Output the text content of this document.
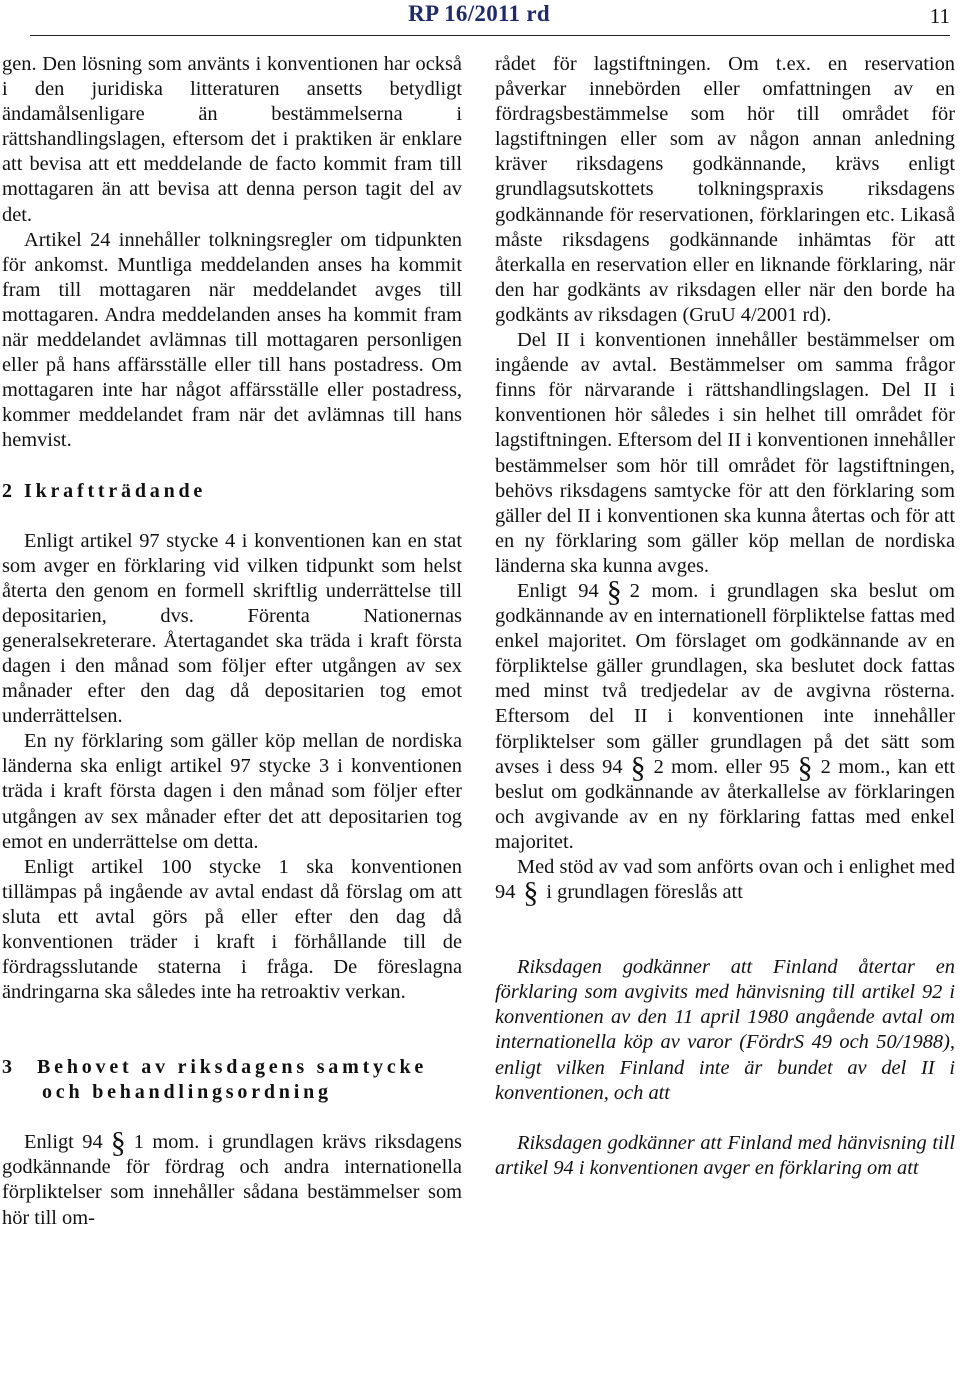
RP 16/2011 rd	11

gen. Den lösning som använts i konventionen har också i den juridiska litteraturen ansetts betydligt ändamålsenligare än bestämmelserna i rättshandlingslagen, eftersom det i praktiken är enklare att bevisa att ett meddelande de facto kommit fram till mottagaren än att bevisa att denna person tagit del av det.

Artikel 24 innehåller tolkningsregler om tidpunkten för ankomst. Muntliga meddelanden anses ha kommit fram till mottagaren när meddelandet avges till mottagaren. Andra meddelanden anses ha kommit fram när meddelandet avlämnas till mottagaren personligen eller på hans affärsställe eller till hans postadress. Om mottagaren inte har något affärsställe eller postadress, kommer meddelandet fram när det avlämnas till hans hemvist.

2 Ikraftträdande

Enligt artikel 97 stycke 4 i konventionen kan en stat som avger en förklaring vid vilken tidpunkt som helst återta den genom en formell skriftlig underrättelse till depositarien, dvs. Förenta Nationernas generalsekreterare. Återtagandet ska träda i kraft första dagen i den månad som följer efter utgången av sex månader efter den dag då depositarien tog emot underrättelsen.

En ny förklaring som gäller köp mellan de nordiska länderna ska enligt artikel 97 stycke 3 i konventionen träda i kraft första dagen i den månad som följer efter utgången av sex månader efter det att depositarien tog emot en underrättelse om detta.

Enligt artikel 100 stycke 1 ska konventionen tillämpas på ingående av avtal endast då förslag om att sluta ett avtal görs på eller efter den dag då konventionen träder i kraft i förhållande till de fördragsslutande staterna i fråga. De föreslagna ändringarna ska således inte ha retroaktiv verkan.

3 Behovet av riksdagens samtycke och behandlingsordning

Enligt 94 § 1 mom. i grundlagen krävs riksdagens godkännande för fördrag och andra internationella förpliktelser som innehåller sådana bestämmelser som hör till om-

rådet för lagstiftningen. Om t.ex. en reservation påverkar innebörden eller omfattningen av en fördragsbestämmelse som hör till området för lagstiftningen eller som av någon annan anledning kräver riksdagens godkännande, krävs enligt grundlagsutskottets tolkningspraxis riksdagens godkännande för reservationen, förklaringen etc. Likaså måste riksdagens godkännande inhämtas för att återkalla en reservation eller en liknande förklaring, när den har godkänts av riksdagen eller när den borde ha godkänts av riksdagen (GruU 4/2001 rd).

Del II i konventionen innehåller bestämmelser om ingående av avtal. Bestämmelser om samma frågor finns för närvarande i rättshandlingslagen. Del II i konventionen hör således i sin helhet till området för lagstiftningen. Eftersom del II i konventionen innehåller bestämmelser som hör till området för lagstiftningen, behövs riksdagens samtycke för att den förklaring som gäller del II i konventionen ska kunna återtas och för att en ny förklaring som gäller köp mellan de nordiska länderna ska kunna avges.

Enligt 94 § 2 mom. i grundlagen ska beslut om godkännande av en internationell förpliktelse fattas med enkel majoritet. Om förslaget om godkännande av en förpliktelse gäller grundlagen, ska beslutet dock fattas med minst två tredjedelar av de avgivna rösterna. Eftersom del II i konventionen inte innehåller förpliktelser som gäller grundlagen på det sätt som avses i dess 94 § 2 mom. eller 95 § 2 mom., kan ett beslut om godkännande av återkallelse av förklaringen och avgivande av en ny förklaring fattas med enkel majoritet.

Med stöd av vad som anförts ovan och i enlighet med 94 § i grundlagen föreslås att

Riksdagen godkänner att Finland återtar en förklaring som avgivits med hänvisning till artikel 92 i konventionen av den 11 april 1980 angående avtal om internationella köp av varor (FördrS 49 och 50/1988), enligt vilken Finland inte är bundet av del II i konventionen, och att

Riksdagen godkänner att Finland med hänvisning till artikel 94 i konventionen avger en förklaring om att
